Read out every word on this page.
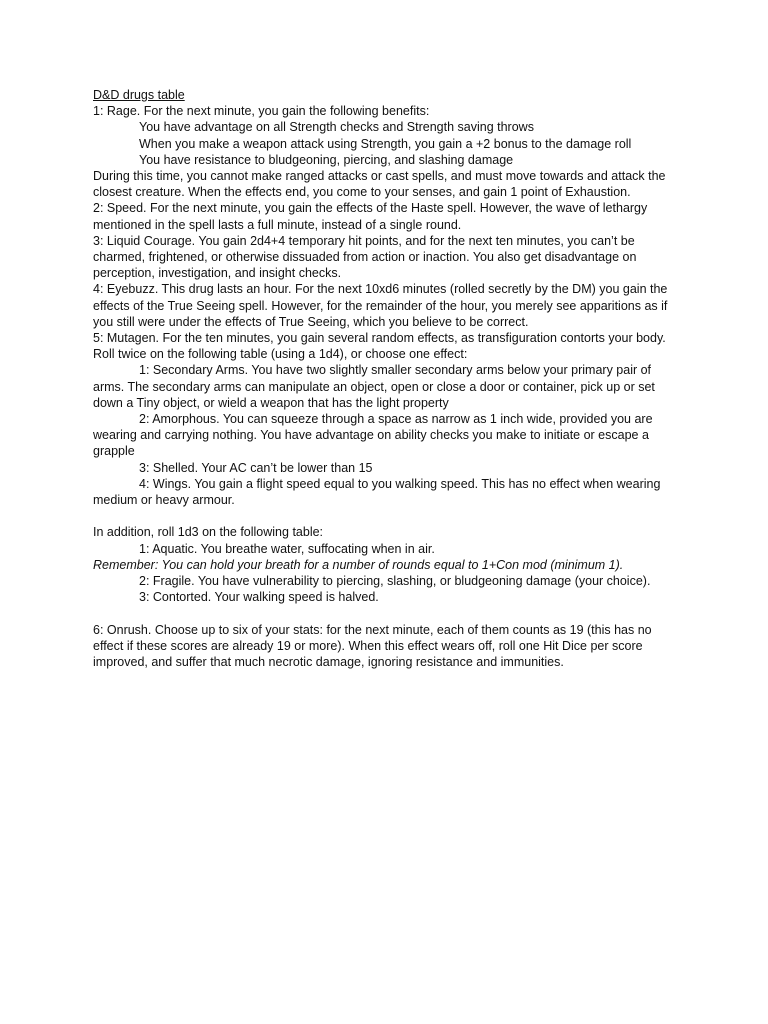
D&D drugs table
1: Rage. For the next minute, you gain the following benefits:
You have advantage on all Strength checks and Strength saving throws
When you make a weapon attack using Strength, you gain a +2 bonus to the damage roll
You have resistance to bludgeoning, piercing, and slashing damage
During this time, you cannot make ranged attacks or cast spells, and must move towards and attack the closest creature. When the effects end, you come to your senses, and gain 1 point of Exhaustion.
2: Speed. For the next minute, you gain the effects of the Haste spell. However, the wave of lethargy mentioned in the spell lasts a full minute, instead of a single round.
3: Liquid Courage. You gain 2d4+4 temporary hit points, and for the next ten minutes, you can’t be charmed, frightened, or otherwise dissuaded from action or inaction. You also get disadvantage on perception, investigation, and insight checks.
4: Eyebuzz. This drug lasts an hour. For the next 10xd6 minutes (rolled secretly by the DM) you gain the effects of the True Seeing spell. However, for the remainder of the hour, you merely see apparitions as if you still were under the effects of True Seeing, which you believe to be correct.
5: Mutagen. For the ten minutes, you gain several random effects, as transfiguration contorts your body. Roll twice on the following table (using a 1d4), or choose one effect:
1: Secondary Arms. You have two slightly smaller secondary arms below your primary pair of arms. The secondary arms can manipulate an object, open or close a door or container, pick up or set down a Tiny object, or wield a weapon that has the light property
2: Amorphous. You can squeeze through a space as narrow as 1 inch wide, provided you are wearing and carrying nothing. You have advantage on ability checks you make to initiate or escape a grapple
3: Shelled. Your AC can’t be lower than 15
4: Wings. You gain a flight speed equal to you walking speed. This has no effect when wearing medium or heavy armour.
In addition, roll 1d3 on the following table:
1: Aquatic. You breathe water, suffocating when in air.
Remember: You can hold your breath for a number of rounds equal to 1+Con mod (minimum 1).
2: Fragile. You have vulnerability to piercing, slashing, or bludgeoning damage (your choice).
3: Contorted. Your walking speed is halved.
6: Onrush. Choose up to six of your stats: for the next minute, each of them counts as 19 (this has no effect if these scores are already 19 or more). When this effect wears off, roll one Hit Dice per score improved, and suffer that much necrotic damage, ignoring resistance and immunities.
